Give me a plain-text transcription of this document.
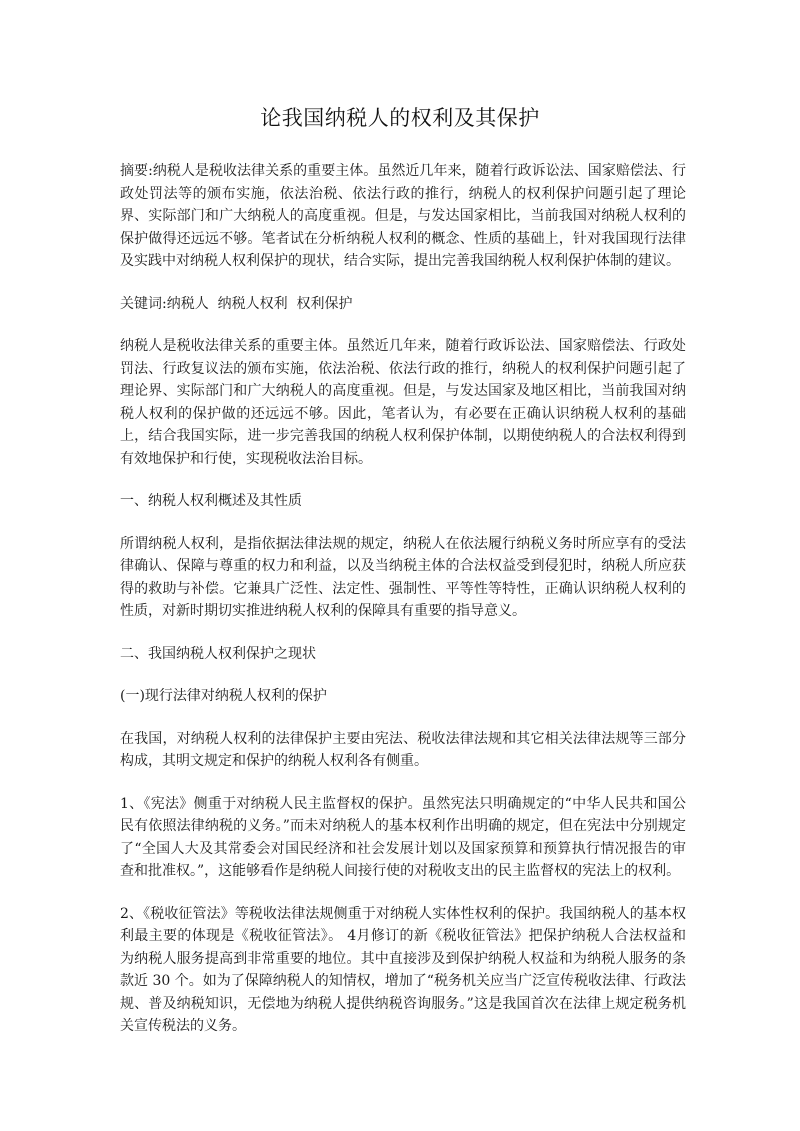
论我国纳税人的权利及其保护

摘要:纳税人是税收法律关系的重要主体。虽然近几年来，随着行政诉讼法、国家赔偿法、行政处罚法等的颁布实施，依法治税、依法行政的推行，纳税人的权利保护问题引起了理论界、实际部门和广大纳税人的高度重视。但是，与发达国家相比，当前我国对纳税人权利的保护做得还远远不够。笔者试在分析纳税人权利的概念、性质的基础上，针对我国现行法律及实践中对纳税人权利保护的现状，结合实际，提出完善我国纳税人权利保护体制的建议。

关键词:纳税人  纳税人权利  权利保护

纳税人是税收法律关系的重要主体。虽然近几年来，随着行政诉讼法、国家赔偿法、行政处罚法、行政复议法的颁布实施，依法治税、依法行政的推行，纳税人的权利保护问题引起了理论界、实际部门和广大纳税人的高度重视。但是，与发达国家及地区相比，当前我国对纳税人权利的保护做的还远远不够。因此，笔者认为，有必要在正确认识纳税人权利的基础上，结合我国实际，进一步完善我国的纳税人权利保护体制，以期使纳税人的合法权利得到有效地保护和行使，实现税收法治目标。

一、纳税人权利概述及其性质

所谓纳税人权利，是指依据法律法规的规定，纳税人在依法履行纳税义务时所应享有的受法律确认、保障与尊重的权力和利益，以及当纳税主体的合法权益受到侵犯时，纳税人所应获得的救助与补偿。它兼具广泛性、法定性、强制性、平等性等特性，正确认识纳税人权利的性质，对新时期切实推进纳税人权利的保障具有重要的指导意义。

二、我国纳税人权利保护之现状

(一)现行法律对纳税人权利的保护

在我国，对纳税人权利的法律保护主要由宪法、税收法律法规和其它相关法律法规等三部分构成，其明文规定和保护的纳税人权利各有侧重。

1、《宪法》侧重于对纳税人民主监督权的保护。虽然宪法只明确规定的“中华人民共和国公民有依照法律纳税的义务。”而未对纳税人的基本权利作出明确的规定，但在宪法中分别规定了“全国人大及其常委会对国民经济和社会发展计划以及国家预算和预算执行情况报告的审查和批准权。”，这能够看作是纳税人间接行使的对税收支出的民主监督权的宪法上的权利。

2、《税收征管法》等税收法律法规侧重于对纳税人实体性权利的保护。我国纳税人的基本权利最主要的体现是《税收征管法》。 4月修订的新《税收征管法》把保护纳税人合法权益和为纳税人服务提高到非常重要的地位。其中直接涉及到保护纳税人权益和为纳税人服务的条款近 30 个。如为了保障纳税人的知情权，增加了“税务机关应当广泛宣传税收法律、行政法规、普及纳税知识，无偿地为纳税人提供纳税咨询服务。”这是我国首次在法律上规定税务机关宣传税法的义务。
